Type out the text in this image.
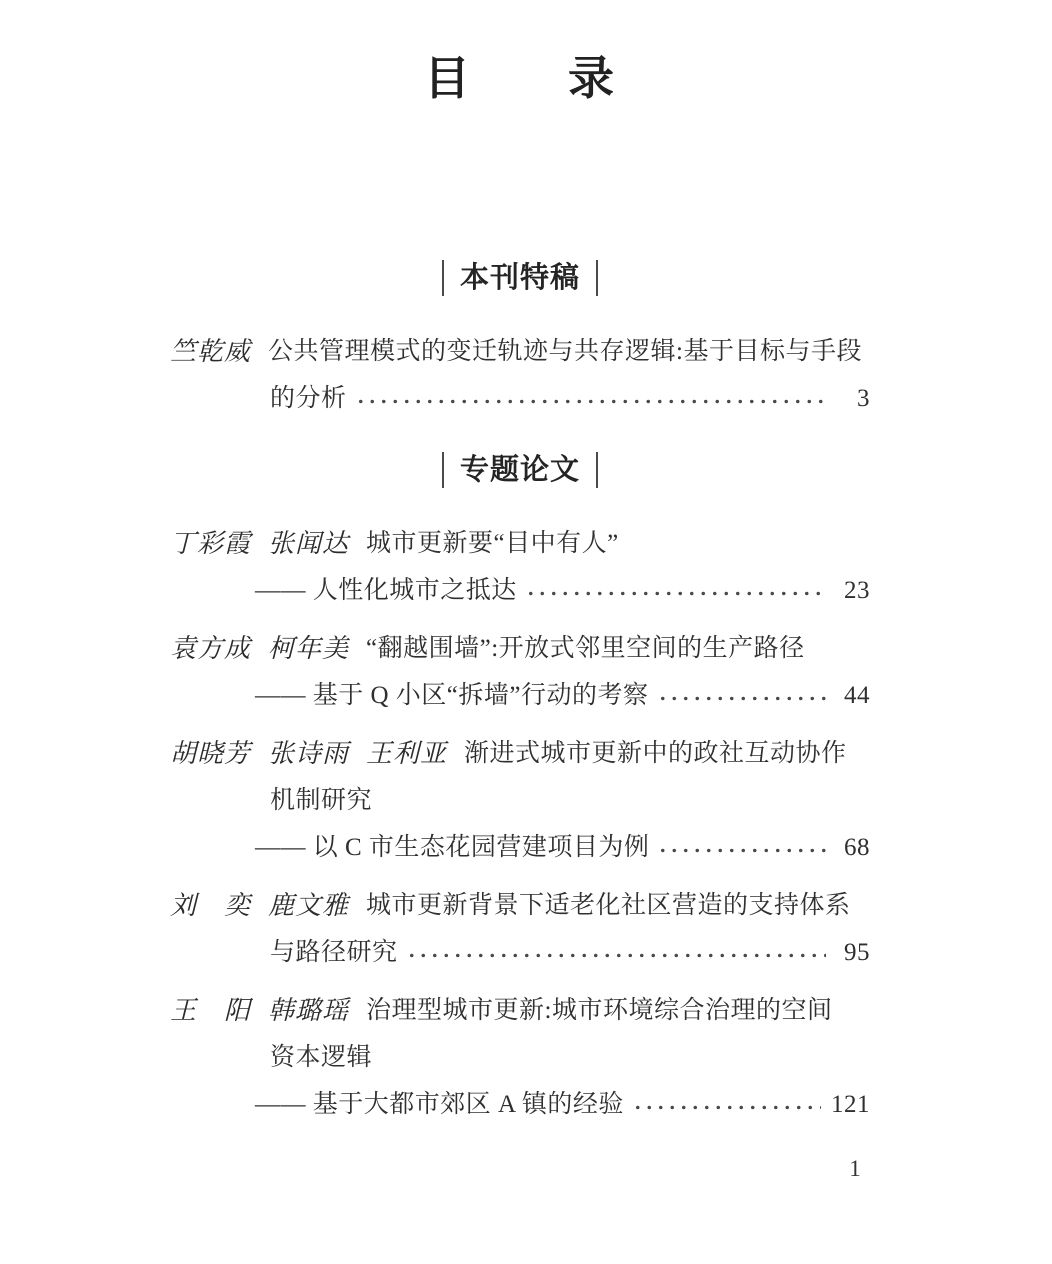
目　　录
本刊特稿
竺乾威 公共管理模式的变迁轨迹与共存逻辑:基于目标与手段
的分析	3
专题论文
丁彩霞 张闻达 城市更新要“目中有人”
—— 人性化城市之抵达	23
袁方成 柯年美 “翻越围墙”:开放式邻里空间的生产路径
—— 基于 Q 小区“拆墙”行动的考察	44
胡晓芳 张诗雨 王利亚 渐进式城市更新中的政社互动协作
机制研究
—— 以 C 市生态花园营建项目为例	68
刘　奕 鹿文雅 城市更新背景下适老化社区营造的支持体系
与路径研究	95
王　阳 韩璐瑶 治理型城市更新:城市环境综合治理的空间
资本逻辑
—— 基于大都市郊区 A 镇的经验	121
1
